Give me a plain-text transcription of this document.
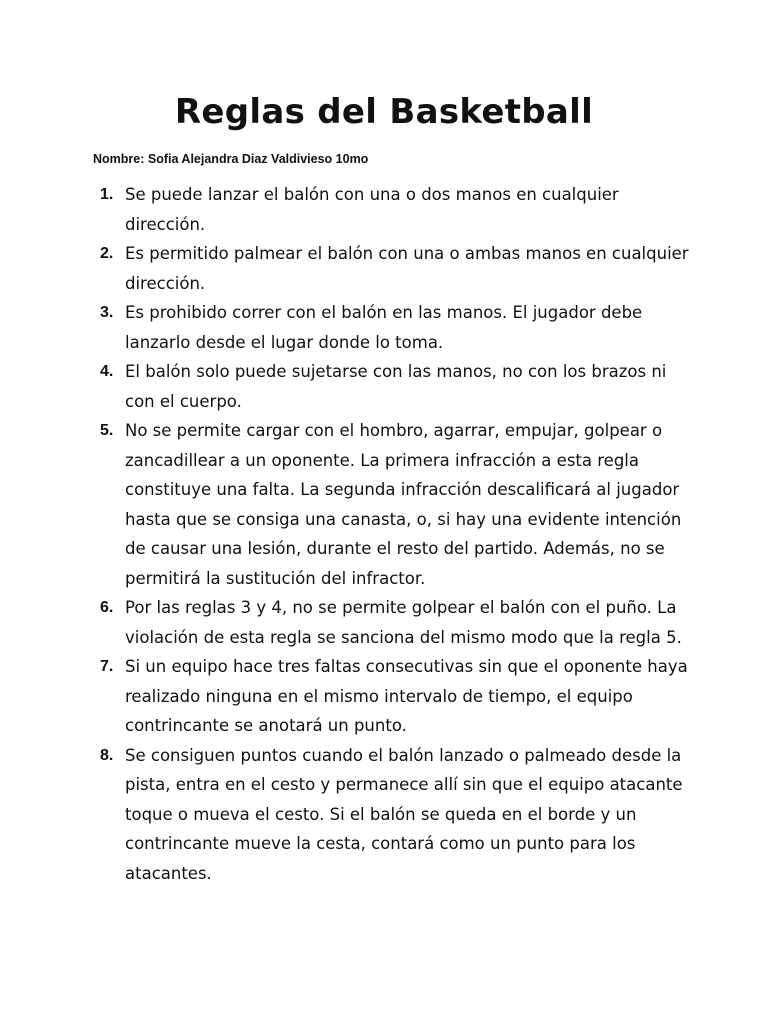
Reglas del Basketball

Nombre: Sofia Alejandra Diaz Valdivieso 10mo

1. Se puede lanzar el balón con una o dos manos en cualquier dirección.
2. Es permitido palmear el balón con una o ambas manos en cualquier dirección.
3. Es prohibido correr con el balón en las manos. El jugador debe lanzarlo desde el lugar donde lo toma.
4. El balón solo puede sujetarse con las manos, no con los brazos ni con el cuerpo.
5. No se permite cargar con el hombro, agarrar, empujar, golpear o zancadillear a un oponente. La primera infracción a esta regla constituye una falta. La segunda infracción descalificará al jugador hasta que se consiga una canasta, o, si hay una evidente intención de causar una lesión, durante el resto del partido. Además, no se permitirá la sustitución del infractor.
6. Por las reglas 3 y 4, no se permite golpear el balón con el puño. La violación de esta regla se sanciona del mismo modo que la regla 5.
7. Si un equipo hace tres faltas consecutivas sin que el oponente haya realizado ninguna en el mismo intervalo de tiempo, el equipo contrincante se anotará un punto.
8. Se consiguen puntos cuando el balón lanzado o palmeado desde la pista, entra en el cesto y permanece allí sin que el equipo atacante toque o mueva el cesto. Si el balón se queda en el borde y un contrincante mueve la cesta, contará como un punto para los atacantes.
